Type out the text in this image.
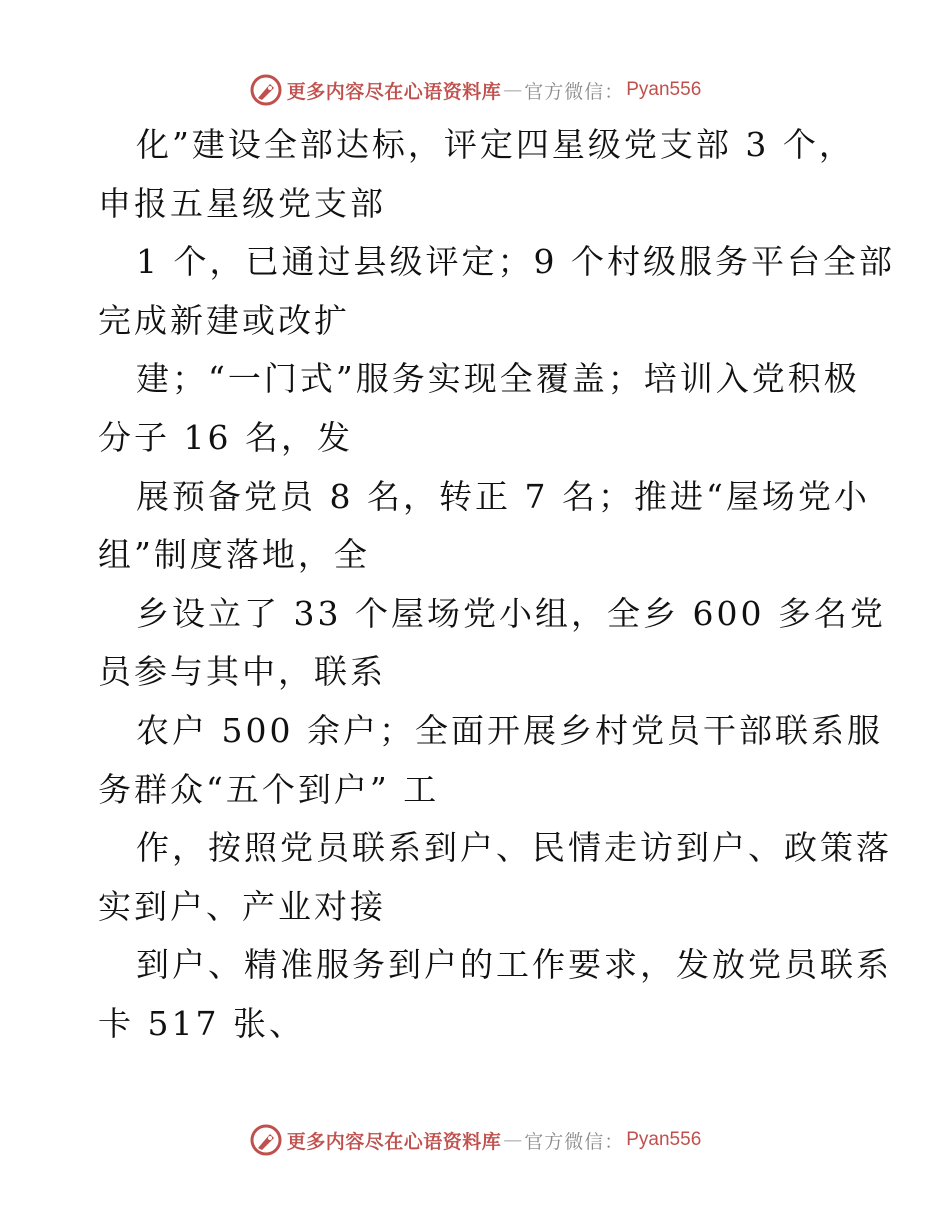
更多内容尽在心语资料库 — 官方微信： Pyan556
化”建设全部达标，评定四星级党支部 3 个，
申报五星级党支部
1 个，已通过县级评定；9 个村级服务平台全部
完成新建或改扩
建；“一门式”服务实现全覆盖；培训入党积极
分子 16 名，发
展预备党员 8 名，转正 7 名；推进“屋场党小
组”制度落地，全
乡设立了 33 个屋场党小组，全乡 600 多名党
员参与其中，联系
农户 500 余户；全面开展乡村党员干部联系服
务群众“五个到户” 工
作，按照党员联系到户、民情走访到户、政策落
实到户、产业对接
到户、精准服务到户的工作要求，发放党员联系
卡 517 张、
更多内容尽在心语资料库 — 官方微信： Pyan556
